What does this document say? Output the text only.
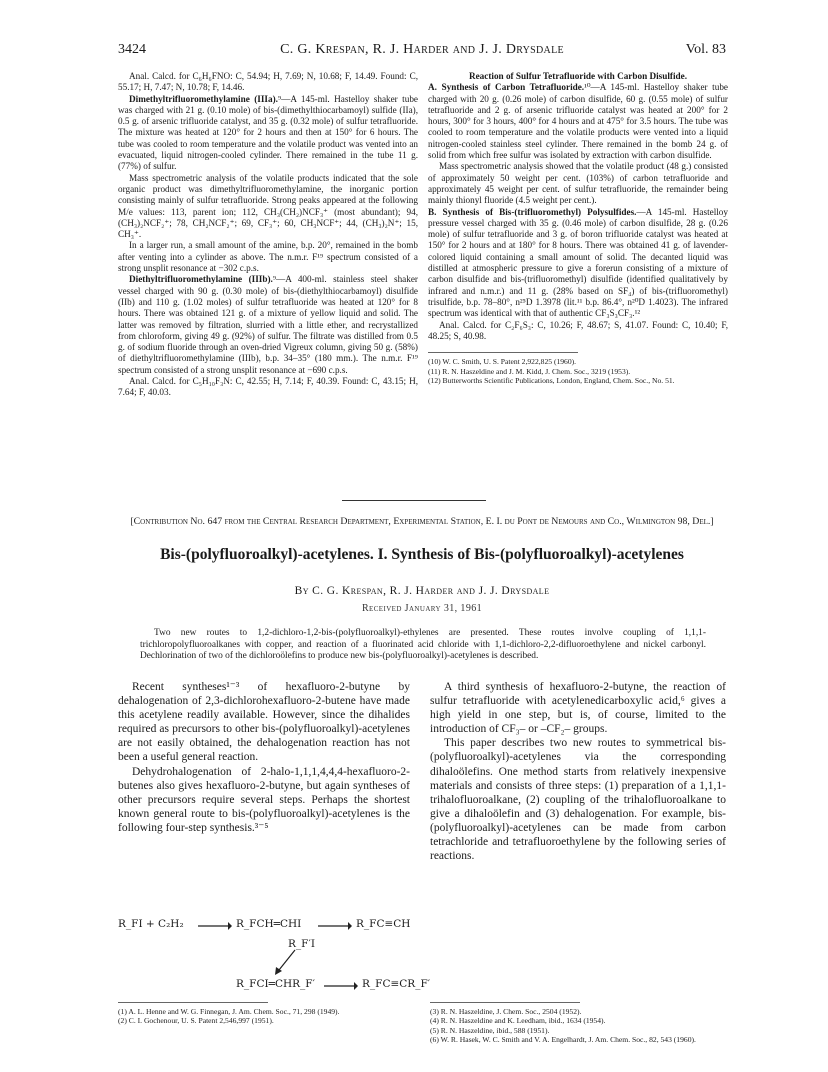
3424	C. G. Krespan, R. J. Harder and J. J. Drysdale	Vol. 83

Anal. Calcd. for C₆H₆FNO: C, 54.94; H, 7.69; N, 10.68; F, 14.49. Found: C, 55.17; H, 7.47; N, 10.78; F, 14.46.

Dimethyltrifluoromethylamine (IIIa).⁹—A 145-ml. Hastelloy shaker tube was charged with 21 g. (0.10 mole) of bis-(dimethylthiocarbamoyl) sulfide (IIa), 0.5 g. of arsenic trifluoride catalyst, and 35 g. (0.32 mole) of sulfur tetrafluoride. The mixture was heated at 120° for 2 hours and then at 150° for 6 hours. The tube was cooled to room temperature and the volatile product was vented into an evacuated, liquid nitrogen-cooled cylinder. There remained in the tube 11 g. (77%) of sulfur.

Mass spectrometric analysis of the volatile products indicated that the sole organic product was dimethyltrifluoromethylamine, the inorganic portion consisting mainly of sulfur tetrafluoride. Strong peaks appeared at the following M/e values: 113, parent ion; 112, CH₃(CH₂)NCF₃⁺ (most abundant); 94, (CH₃)₂NCF₂⁺; 78, CH₂NCF₂⁺; 69, CF₃⁺; 60, CH₃NCF⁺; 44, (CH₃)₂N⁺; 15, CH₃⁺.

In a larger run, a small amount of the amine, b.p. 20°, remained in the bomb after venting into a cylinder as above. The n.m.r. F¹⁹ spectrum consisted of a strong unsplit resonance at −302 c.p.s.

Diethyltrifluoromethylamine (IIIb).⁹—A 400-ml. stainless steel shaker vessel charged with 90 g. (0.30 mole) of bis-(diethylthiocarbamoyl) disulfide (IIb) and 110 g. (1.02 moles) of sulfur tetrafluoride was heated at 120° for 8 hours. There was obtained 121 g. of a mixture of yellow liquid and solid. The latter was removed by filtration, slurried with a little ether, and recrystallized from chloroform, giving 49 g. (92%) of sulfur. The filtrate was distilled from 0.5 g. of sodium fluoride through an oven-dried Vigreux column, giving 50 g. (58%) of diethyltrifluoromethylamine (IIIb), b.p. 34–35° (180 mm.). The n.m.r. F¹⁹ spectrum consisted of a strong unsplit resonance at −690 c.p.s.

Anal. Calcd. for C₅H₁₀F₃N: C, 42.55; H, 7.14; F, 40.39. Found: C, 43.15; H, 7.64; F, 40.03.

Reaction of Sulfur Tetrafluoride with Carbon Disulfide.

A. Synthesis of Carbon Tetrafluoride.¹⁰—A 145-ml. Hastelloy shaker tube charged with 20 g. (0.26 mole) of carbon disulfide, 60 g. (0.55 mole) of sulfur tetrafluoride and 2 g. of arsenic trifluoride catalyst was heated at 200° for 2 hours, 300° for 3 hours, 400° for 4 hours and at 475° for 3.5 hours. The tube was cooled to room temperature and the volatile products were vented into a liquid nitrogen-cooled stainless steel cylinder. There remained in the bomb 24 g. of solid from which free sulfur was isolated by extraction with carbon disulfide.

Mass spectrometric analysis showed that the volatile product (48 g.) consisted of approximately 50 weight per cent. (103%) of carbon tetrafluoride and approximately 45 weight per cent. of sulfur tetrafluoride, the remainder being mainly thionyl fluoride (4.5 weight per cent.).

B. Synthesis of Bis-(trifluoromethyl) Polysulfides.—A 145-ml. Hastelloy pressure vessel charged with 35 g. (0.46 mole) of carbon disulfide, 28 g. (0.26 mole) of sulfur tetrafluoride and 3 g. of boron trifluoride catalyst was heated at 150° for 2 hours and at 180° for 8 hours. There was obtained 41 g. of lavender-colored liquid containing a small amount of solid. The decanted liquid was distilled at atmospheric pressure to give a forerun consisting of a mixture of carbon disulfide and bis-(trifluoromethyl) disulfide (identified qualitatively by infrared and n.m.r.) and 11 g. (28% based on SF₄) of bis-(trifluoromethyl) trisulfide, b.p. 78–80°, n²⁵D 1.3978 (lit.¹¹ b.p. 86.4°, n²⁰D 1.4023). The infrared spectrum was identical with that of authentic CF₃S₃CF₃.¹²

Anal. Calcd. for C₂F₆S₃: C, 10.26; F, 48.67; S, 41.07. Found: C, 10.40; F, 48.25; S, 40.98.

(10) W. C. Smith, U. S. Patent 2,922,825 (1960).
(11) R. N. Haszeldine and J. M. Kidd, J. Chem. Soc., 3219 (1953).
(12) Butterworths Scientific Publications, London, England, Chem. Soc., No. 51.
[Contribution No. 647 from the Central Research Department, Experimental Station, E. I. du Pont de Nemours and Co., Wilmington 98, Del.]
Bis-(polyfluoroalkyl)-acetylenes. I. Synthesis of Bis-(polyfluoroalkyl)-acetylenes
By C. G. Krespan, R. J. Harder and J. J. Drysdale
Received January 31, 1961
Two new routes to 1,2-dichloro-1,2-bis-(polyfluoroalkyl)-ethylenes are presented. These routes involve coupling of 1,1,1-trichloropolyfluoroalkanes with copper, and reaction of a fluorinated acid chloride with 1,1-dichloro-2,2-difluoroethylene and nickel carbonyl. Dechlorination of two of the dichloroölefins to produce new bis-(polyfluoroalkyl)-acetylenes is described.

Recent syntheses¹⁻³ of hexafluoro-2-butyne by dehalogenation of 2,3-dichlorohexafluoro-2-butene have made this acetylene readily available. However, since the dihalides required as precursors to other bis-(polyfluoroalkyl)-acetylenes are not easily obtained, the dehalogenation reaction has not been a useful general reaction.

Dehydrohalogenation of 2-halo-1,1,1,4,4,4-hexafluoro-2-butenes also gives hexafluoro-2-butyne, but again syntheses of other precursors require several steps. Perhaps the shortest known general route to bis-(polyfluoroalkyl)-acetylenes is the following four-step synthesis.³⁻⁵

R_FI + C₂H₂ → R_FCH═CHI → R_FC≡CH
R_F′I
R_FCI═CHR_F′ → R_FC≡CR_F′
(1) A. L. Henne and W. G. Finnegan, J. Am. Chem. Soc., 71, 298 (1949).
(2) C. I. Gochenour, U. S. Patent 2,546,997 (1951).

A third synthesis of hexafluoro-2-butyne, the reaction of sulfur tetrafluoride with acetylenedicarboxylic acid,⁶ gives a high yield in one step, but is, of course, limited to the introduction of CF₃– or –CF₂– groups.

This paper describes two new routes to symmetrical bis-(polyfluoroalkyl)-acetylenes via the corresponding dihaloölefins. One method starts from relatively inexpensive materials and consists of three steps: (1) preparation of a 1,1,1-trihalofluoroalkane, (2) coupling of the trihalofluoroalkane to give a dihaloölefin and (3) dehalogenation. For example, bis-(polyfluoroalkyl)-acetylenes can be made from carbon tetrachloride and tetrafluoroethylene by the following series of reactions.

(3) R. N. Haszeldine, J. Chem. Soc., 2504 (1952).
(4) R. N. Haszeldine and K. Leedham, ibid., 1634 (1954).
(5) R. N. Haszeldine, ibid., 588 (1951).
(6) W. R. Hasek, W. C. Smith and V. A. Engelhardt, J. Am. Chem. Soc., 82, 543 (1960).
